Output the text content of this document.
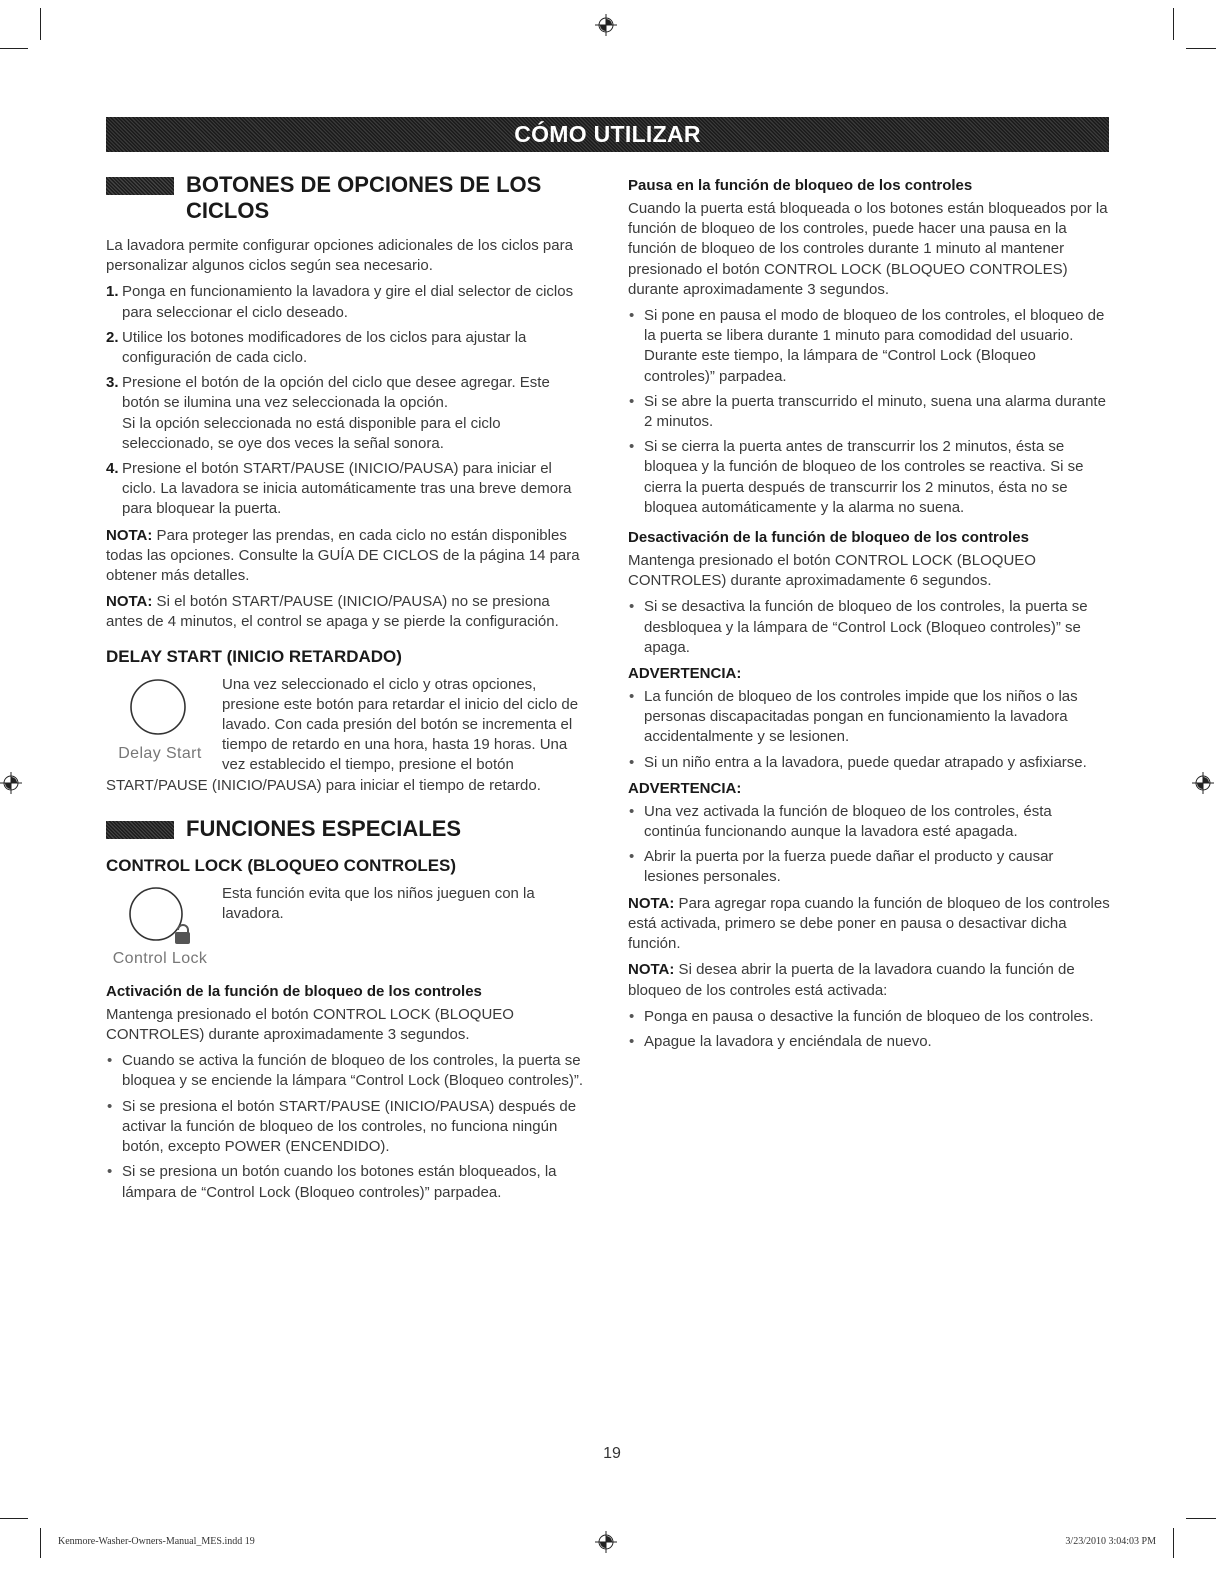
CÓMO UTILIZAR
BOTONES DE OPCIONES DE LOS CICLOS

La lavadora permite configurar opciones adicionales de los ciclos para personalizar algunos ciclos según sea necesario.

1. Ponga en funcionamiento la lavadora y gire el dial selector de ciclos para seleccionar el ciclo deseado.
2. Utilice los botones modificadores de los ciclos para ajustar la configuración de cada ciclo.
3. Presione el botón de la opción del ciclo que desee agregar. Este botón se ilumina una vez seleccionada la opción.
Si la opción seleccionada no está disponible para el ciclo seleccionado, se oye dos veces la señal sonora.
4. Presione el botón START/PAUSE (INICIO/PAUSA) para iniciar el ciclo. La lavadora se inicia automáticamente tras una breve demora para bloquear la puerta.

NOTA: Para proteger las prendas, en cada ciclo no están disponibles todas las opciones. Consulte la GUÍA DE CICLOS de la página 14 para obtener más detalles.

NOTA: Si el botón START/PAUSE (INICIO/PAUSA) no se presiona antes de 4 minutos, el control se apaga y se pierde la configuración.

DELAY START (INICIO RETARDADO)
Delay Start

Una vez seleccionado el ciclo y otras opciones, presione este botón para retardar el inicio del ciclo de lavado. Con cada presión del botón se incrementa el tiempo de retardo en una hora, hasta 19 horas. Una vez establecido el tiempo, presione el botón START/PAUSE (INICIO/PAUSA) para iniciar el tiempo de retardo.

FUNCIONES ESPECIALES
CONTROL LOCK (BLOQUEO CONTROLES)
Control Lock

Esta función evita que los niños jueguen con la lavadora.

Activación de la función de bloqueo de los controles

Mantenga presionado el botón CONTROL LOCK (BLOQUEO CONTROLES) durante aproximadamente 3 segundos.

• Cuando se activa la función de bloqueo de los controles, la puerta se bloquea y se enciende la lámpara “Control Lock (Bloqueo controles)”.
• Si se presiona el botón START/PAUSE (INICIO/PAUSA) después de activar la función de bloqueo de los controles, no funciona ningún botón, excepto POWER (ENCENDIDO).
• Si se presiona un botón cuando los botones están bloqueados, la lámpara de “Control Lock (Bloqueo controles)” parpadea.
Pausa en la función de bloqueo de los controles

Cuando la puerta está bloqueada o los botones están bloqueados por la función de bloqueo de los controles, puede hacer una pausa en la función de bloqueo de los controles durante 1 minuto al mantener presionado el botón CONTROL LOCK (BLOQUEO CONTROLES) durante aproximadamente 3 segundos.

• Si pone en pausa el modo de bloqueo de los controles, el bloqueo de la puerta se libera durante 1 minuto para comodidad del usuario. Durante este tiempo, la lámpara de “Control Lock (Bloqueo controles)” parpadea.
• Si se abre la puerta transcurrido el minuto, suena una alarma durante 2 minutos.
• Si se cierra la puerta antes de transcurrir los 2 minutos, ésta se bloquea y la función de bloqueo de los controles se reactiva. Si se cierra la puerta después de transcurrir los 2 minutos, ésta no se bloquea automáticamente y la alarma no suena.
Desactivación de la función de bloqueo de los controles

Mantenga presionado el botón CONTROL LOCK (BLOQUEO CONTROLES) durante aproximadamente 6 segundos.

• Si se desactiva la función de bloqueo de los controles, la puerta se desbloquea y la lámpara de “Control Lock (Bloqueo controles)” se apaga.
ADVERTENCIA:
• La función de bloqueo de los controles impide que los niños o las personas discapacitadas pongan en funcionamiento la lavadora accidentalmente y se lesionen.
• Si un niño entra a la lavadora, puede quedar atrapado y asfixiarse.
ADVERTENCIA:
• Una vez activada la función de bloqueo de los controles, ésta continúa funcionando aunque la lavadora esté apagada.
• Abrir la puerta por la fuerza puede dañar el producto y causar lesiones personales.

NOTA: Para agregar ropa cuando la función de bloqueo de los controles está activada, primero se debe poner en pausa o desactivar dicha función.

NOTA: Si desea abrir la puerta de la lavadora cuando la función de bloqueo de los controles está activada:

• Ponga en pausa o desactive la función de bloqueo de los controles.
• Apague la lavadora y enciéndala de nuevo.
19
Kenmore-Washer-Owners-Manual_MES.indd 19	3/23/2010 3:04:03 PM
